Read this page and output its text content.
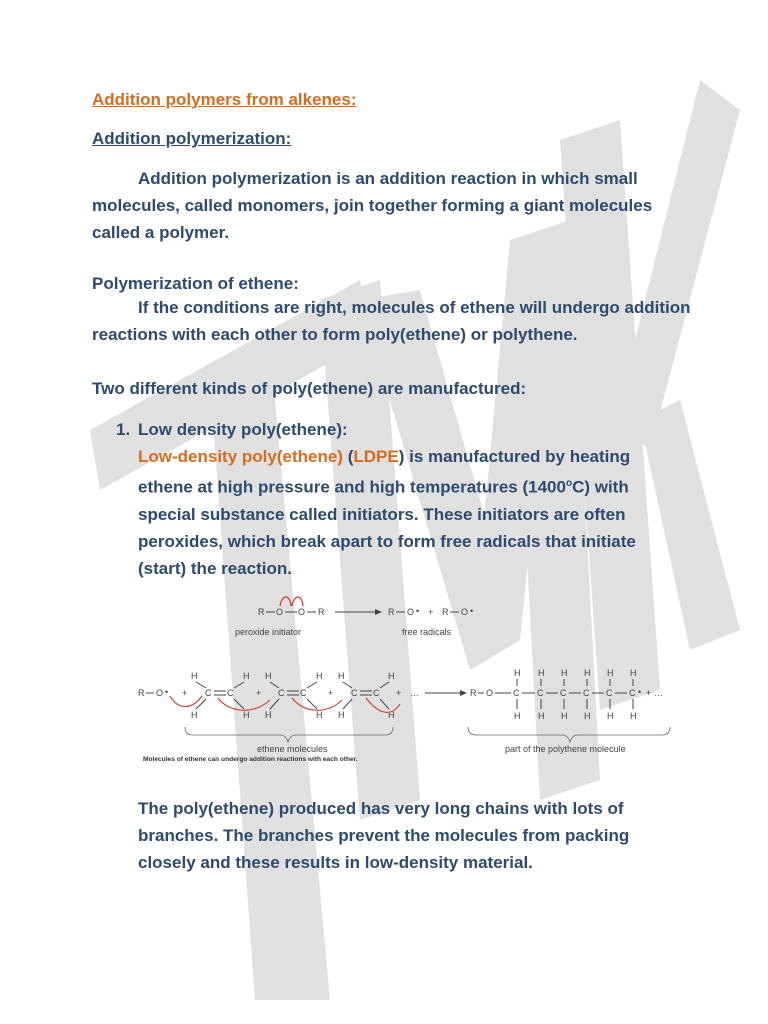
Addition polymers from alkenes:

Addition polymerization:

Addition polymerization is an addition reaction in which small molecules, called monomers, join together forming a giant molecules called a polymer.

Polymerization of ethene:

If the conditions are right, molecules of ethene will undergo addition reactions with each other to form poly(ethene) or polythene.

Two different kinds of poly(ethene) are manufactured:

1. Low density poly(ethene):

Low-density poly(ethene) (LDPE) is manufactured by heating ethene at high pressure and high temperatures (1400$^o$C) with special substance called initiators. These initiators are often peroxides, which break apart to form free radicals that initiate (start) the reaction.

R O O R	R O • + R O •
peroxide initiator	free radicals
R O • +
H
H
C C
H
H
+
H
H
C C
H
H
+
H
H
C C
H
H
+ …	R O C C C C C C • + …
H
H
H
H
H
H
H
H
H
H
H
H
ethene molecules	part of the polythene molecule
Molecules of ethene can undergo addition reactions with each other.

The poly(ethene) produced has very long chains with lots of branches. The branches prevent the molecules from packing closely and these results in low-density material.
